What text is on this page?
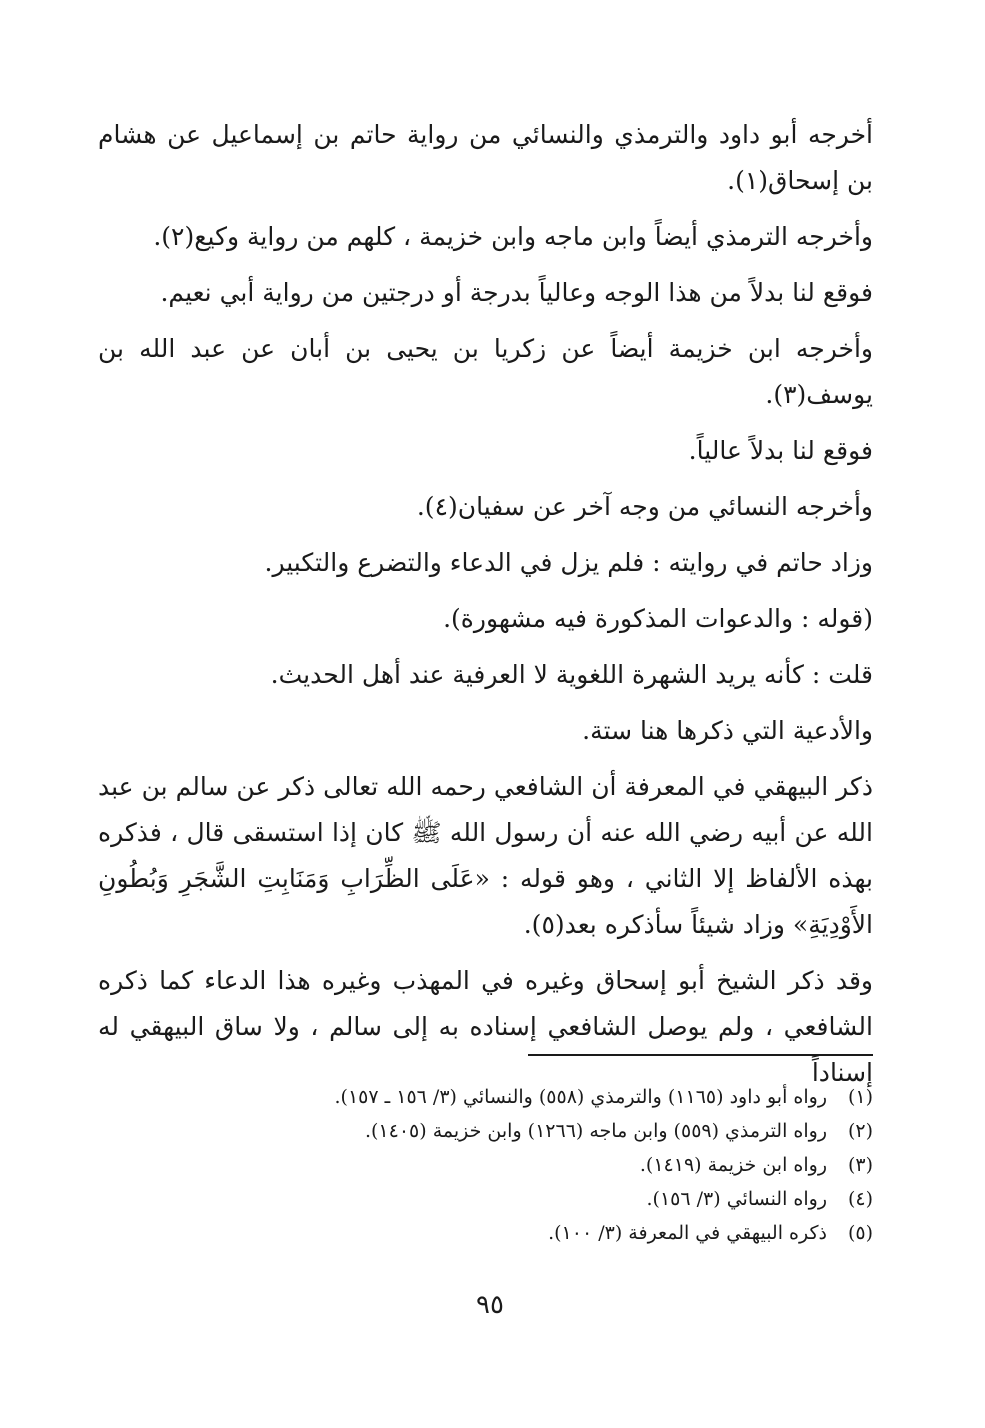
أخرجه أبو داود والترمذي والنسائي من رواية حاتم بن إسماعيل عن هشام بن إسحاق(١).

وأخرجه الترمذي أيضاً وابن ماجه وابن خزيمة ، كلهم من رواية وكيع(٢).

فوقع لنا بدلاً من هذا الوجه وعالياً بدرجة أو درجتين من رواية أبي نعيم.

وأخرجه ابن خزيمة أيضاً عن زكريا بن يحيى بن أبان عن عبد الله بن يوسف(٣).

فوقع لنا بدلاً عالياً.

وأخرجه النسائي من وجه آخر عن سفيان(٤).

وزاد حاتم في روايته : فلم يزل في الدعاء والتضرع والتكبير.

(قوله : والدعوات المذكورة فيه مشهورة).

قلت : كأنه يريد الشهرة اللغوية لا العرفية عند أهل الحديث.

والأدعية التي ذكرها هنا ستة.

ذكر البيهقي في المعرفة أن الشافعي رحمه الله تعالى ذكر عن سالم بن عبد الله عن أبيه رضي الله عنه أن رسول الله ﷺ كان إذا استسقى قال ، فذكره بهذه الألفاظ إلا الثاني ، وهو قوله : «عَلَى الظِّرَابِ وَمَنَابِتِ الشَّجَرِ وَبُطُونِ الأَوْدِيَةِ» وزاد شيئاً سأذكره بعد(٥).

وقد ذكر الشيخ أبو إسحاق وغيره في المهذب وغيره هذا الدعاء كما ذكره الشافعي ، ولم يوصل الشافعي إسناده به إلى سالم ، ولا ساق البيهقي له إسناداً

(١)
رواه أبو داود (١١٦٥) والترمذي (٥٥٨) والنسائي (٣/ ١٥٦ ـ ١٥٧).
(٢)
رواه الترمذي (٥٥٩) وابن ماجه (١٢٦٦) وابن خزيمة (١٤٠٥).
(٣)
رواه ابن خزيمة (١٤١٩).
(٤)
رواه النسائي (٣/ ١٥٦).
(٥)
ذكره البيهقي في المعرفة (٣/ ١٠٠).
٩٥
